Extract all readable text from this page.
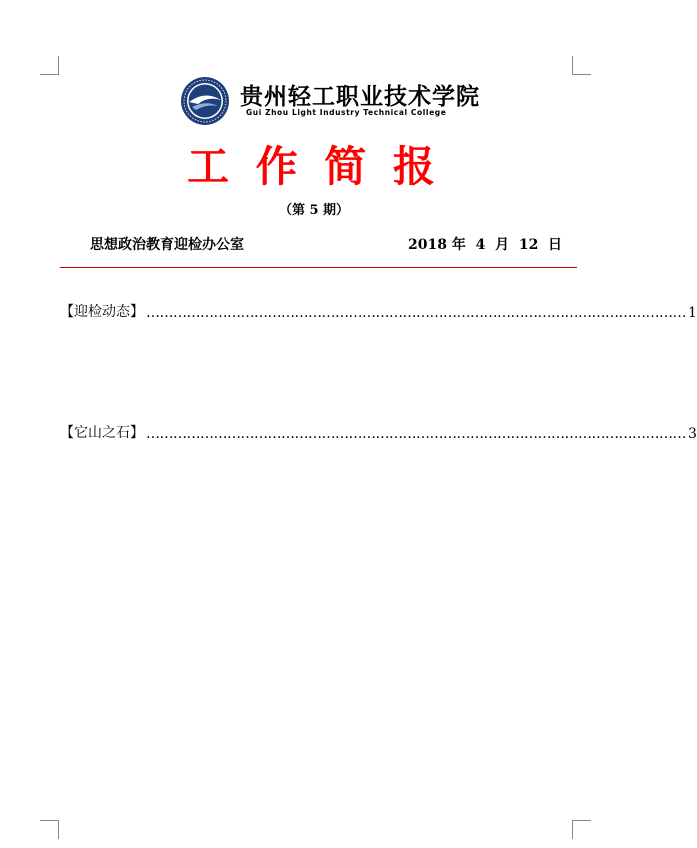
贵州轻工职业技术学院
Gui Zhou Light Industry Technical College
工 作 简 报
（第 5 期）
思想政治教育迎检办公室	2018 年  4  月  12  日
【迎检动态】 ………………………………………………………………………………………………………… 1
【它山之石】 ………………………………………………………………………………………………………… 3
